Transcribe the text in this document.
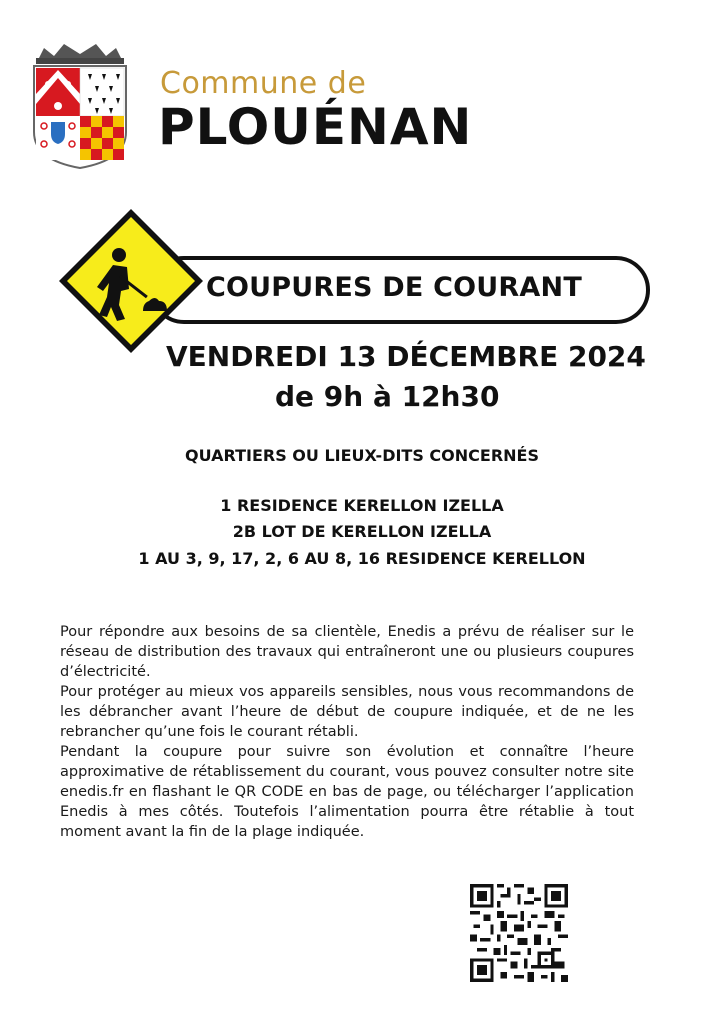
Commune de
PLOUÉNAN
COUPURES DE COURANT
VENDREDI 13 DÉCEMBRE 2024
de 9h à 12h30
QUARTIERS OU LIEUX-DITS CONCERNÉS
1 RESIDENCE KERELLON IZELLA
2B LOT DE KERELLON IZELLA
1 AU 3, 9, 17, 2, 6 AU 8, 16 RESIDENCE KERELLON

Pour répondre aux besoins de sa clientèle, Enedis a prévu de réaliser sur le réseau de distribution des travaux qui entraîneront une ou plusieurs coupures d’électricité.

Pour protéger au mieux vos appareils sensibles, nous vous recommandons de les débrancher avant l’heure de début de coupure indiquée, et de ne les rebrancher qu’une fois le courant rétabli.

Pendant la coupure pour suivre son évolution et connaître l’heure approximative de rétablissement du courant, vous pouvez consulter notre site enedis.fr en flashant le QR CODE en bas de page, ou télécharger l’application Enedis à mes côtés. Toutefois l’alimentation pourra être rétablie à tout moment avant la fin de la plage indiquée.
